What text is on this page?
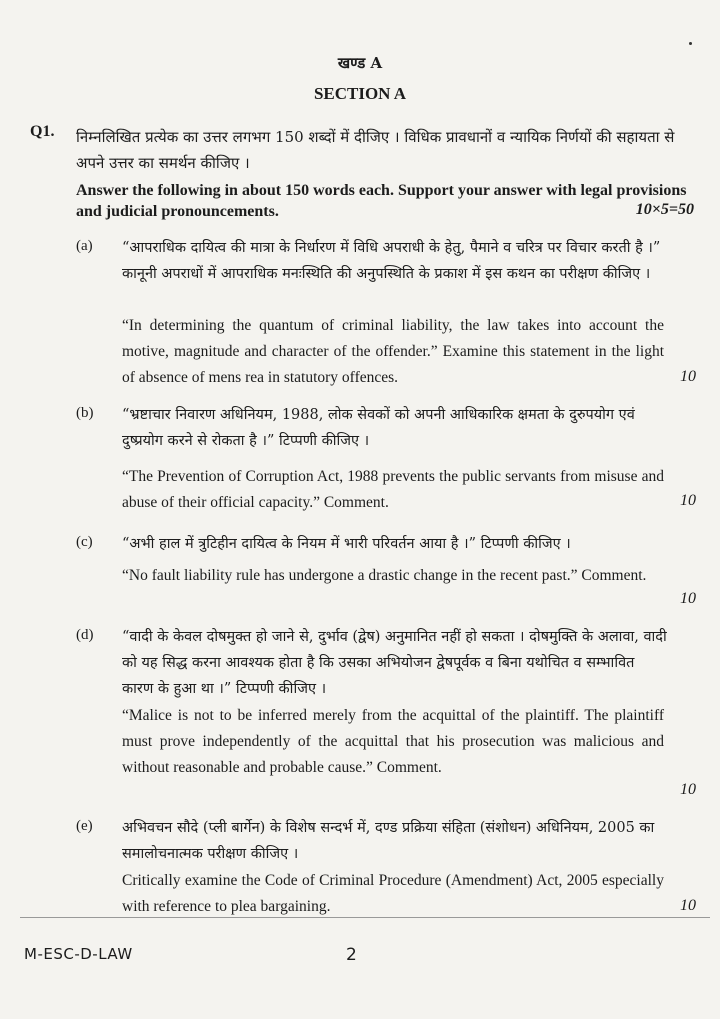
खण्ड A
SECTION A
Q1. निम्नलिखित प्रत्येक का उत्तर लगभग 150 शब्दों में दीजिए । विधिक प्रावधानों व न्यायिक निर्णयों की सहायता से अपने उत्तर का समर्थन कीजिए ।
Answer the following in about 150 words each. Support your answer with legal provisions and judicial pronouncements.	10×5=50
(a) “आपराधिक दायित्व की मात्रा के निर्धारण में विधि अपराधी के हेतु, पैमाने व चरित्र पर विचार करती है ।” कानूनी अपराधों में आपराधिक मनःस्थिति की अनुपस्थिति के प्रकाश में इस कथन का परीक्षण कीजिए ।
“In determining the quantum of criminal liability, the law takes into account the motive, magnitude and character of the offender.” Examine this statement in the light of absence of mens rea in statutory offences.	10
(b) “भ्रष्टाचार निवारण अधिनियम, 1988, लोक सेवकों को अपनी आधिकारिक क्षमता के दुरुपयोग एवं दुष्प्रयोग करने से रोकता है ।” टिप्पणी कीजिए ।
“The Prevention of Corruption Act, 1988 prevents the public servants from misuse and abuse of their official capacity.” Comment.	10
(c) “अभी हाल में त्रुटिहीन दायित्व के नियम में भारी परिवर्तन आया है ।” टिप्पणी कीजिए ।
“No fault liability rule has undergone a drastic change in the recent past.” Comment.
10
(d) “वादी के केवल दोषमुक्त हो जाने से, दुर्भाव (द्वेष) अनुमानित नहीं हो सकता । दोषमुक्ति के अलावा, वादी को यह सिद्ध करना आवश्यक होता है कि उसका अभियोजन द्वेषपूर्वक व बिना यथोचित व सम्भावित कारण के हुआ था ।” टिप्पणी कीजिए ।
“Malice is not to be inferred merely from the acquittal of the plaintiff. The plaintiff must prove independently of the acquittal that his prosecution was malicious and without reasonable and probable cause.” Comment.
10
(e) अभिवचन सौदे (प्ली बार्गेन) के विशेष सन्दर्भ में, दण्ड प्रक्रिया संहिता (संशोधन) अधिनियम, 2005 का समालोचनात्मक परीक्षण कीजिए ।
Critically examine the Code of Criminal Procedure (Amendment) Act, 2005 especially with reference to plea bargaining.	10
M-ESC-D-LAW	2
